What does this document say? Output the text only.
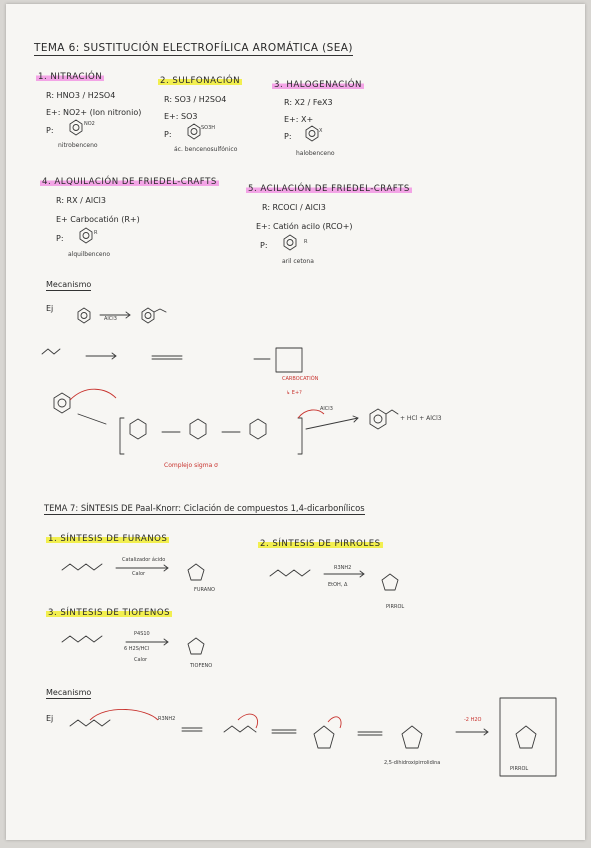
TEMA 6: SUSTITUCIÓN ELECTROFÍLICA AROMÁTICA (SEA)
1. NITRACIÓN
R: HNO3 / H2SO4
E+: NO2+ (Ion nitronio)
P:
NO2
nitrobenceno
2. SULFONACIÓN
R: SO3 / H2SO4
E+: SO3
P:
SO3H
ác. bencenosulfónico
3. HALOGENACIÓN
R: X2 / FeX3
E+: X+
P:
X
halobenceno
4. ALQUILACIÓN DE FRIEDEL-CRAFTS
R: RX / AlCl3
E+ Carbocatión (R+)
P:
R
alquilbenceno
5. ACILACIÓN DE FRIEDEL-CRAFTS
R: RCOCl / AlCl3
E+: Catión acilo (RCO+)
P:	R
aril cetona
Mecanismo
Ej
AlCl3
CARBOCATIÓN
↳ E+?
Complejo sigma σ
+ HCl + AlCl3
AlCl3
TEMA 7: SÍNTESIS DE Paal-Knorr: Ciclación de compuestos 1,4-dicarbonílicos
1. SÍNTESIS DE FURANOS
Catalizador ácido
Calor
FURANO
2. SÍNTESIS DE PIRROLES
R3NH2
EtOH, Δ
PIRROL
3. SÍNTESIS DE TIOFENOS
P4S10
6 H2S/HCl
Calor
TIOFENO
Mecanismo
Ej	R3NH2	-2 H2O
2,5-dihidroxipirrolidina
PIRROL
